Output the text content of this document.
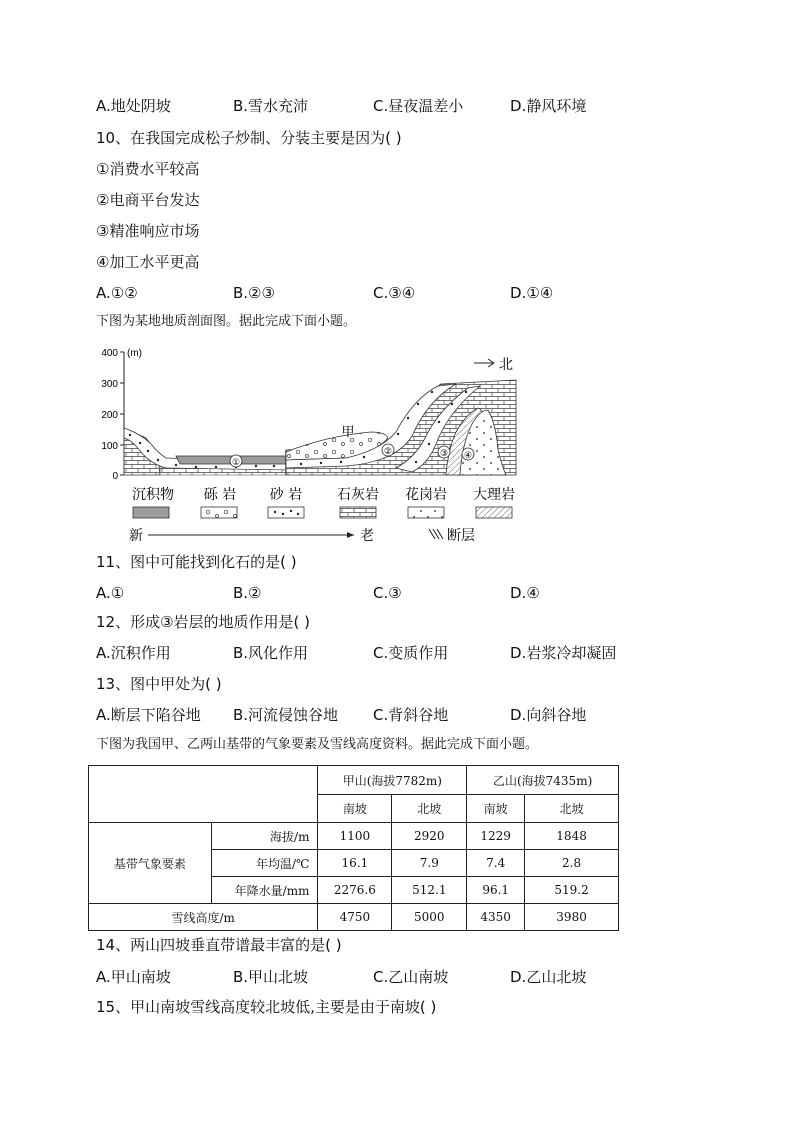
A.地处阴坡	B.雪水充沛	C.昼夜温差小	D.静风环境
10、在我国完成松子炒制、分装主要是因为( )
①消费水平较高
②电商平台发达
③精准响应市场
④加工水平更高
A.①②	B.②③	C.③④	D.①④
下图为某地地质剖面图。据此完成下面小题。
400
300
200
100
0
(m)
①
②	③ ④
甲
北
沉积物 砾 岩 砂 岩 石灰岩 花岗岩 大理岩
新	老	断层
11、图中可能找到化石的是( )
A.①	B.②	C.③	D.④
12、形成③岩层的地质作用是( )
A.沉积作用	B.风化作用	C.变质作用	D.岩浆冷却凝固
13、图中甲处为( )
A.断层下陷谷地 B.河流侵蚀谷地 C.背斜谷地	D.向斜谷地
下图为我国甲、乙两山基带的气象要素及雪线高度资料。据此完成下面小题。
		甲山(海拔7782m)		乙山(海拔7435m)	
		南坡	北坡	南坡	北坡
基带气象要素	海拔/m	1100	2920	1229	1848
	年均温/℃	16.1	7.9	7.4	2.8
	年降水量/mm	2276.6	512.1	96.1	519.2
雪线高度/m		4750	5000	4350	3980
14、两山四坡垂直带谱最丰富的是( )
A.甲山南坡	B.甲山北坡	C.乙山南坡	D.乙山北坡
15、甲山南坡雪线高度较北坡低,主要是由于南坡( )
